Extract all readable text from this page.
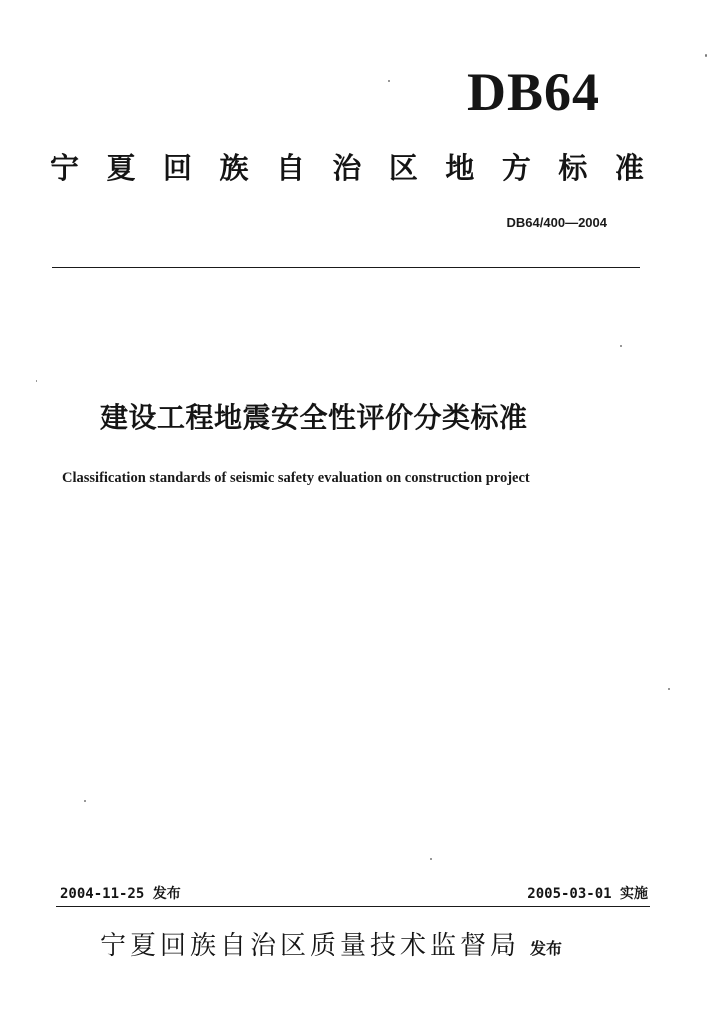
DB64
宁 夏 回 族 自 治 区 地 方 标 准
DB64/400—2004
建设工程地震安全性评价分类标准
Classification standards of seismic safety evaluation on construction project
2004-11-25 发布	2005-03-01 实施
宁夏回族自治区质量技术监督局 发布
